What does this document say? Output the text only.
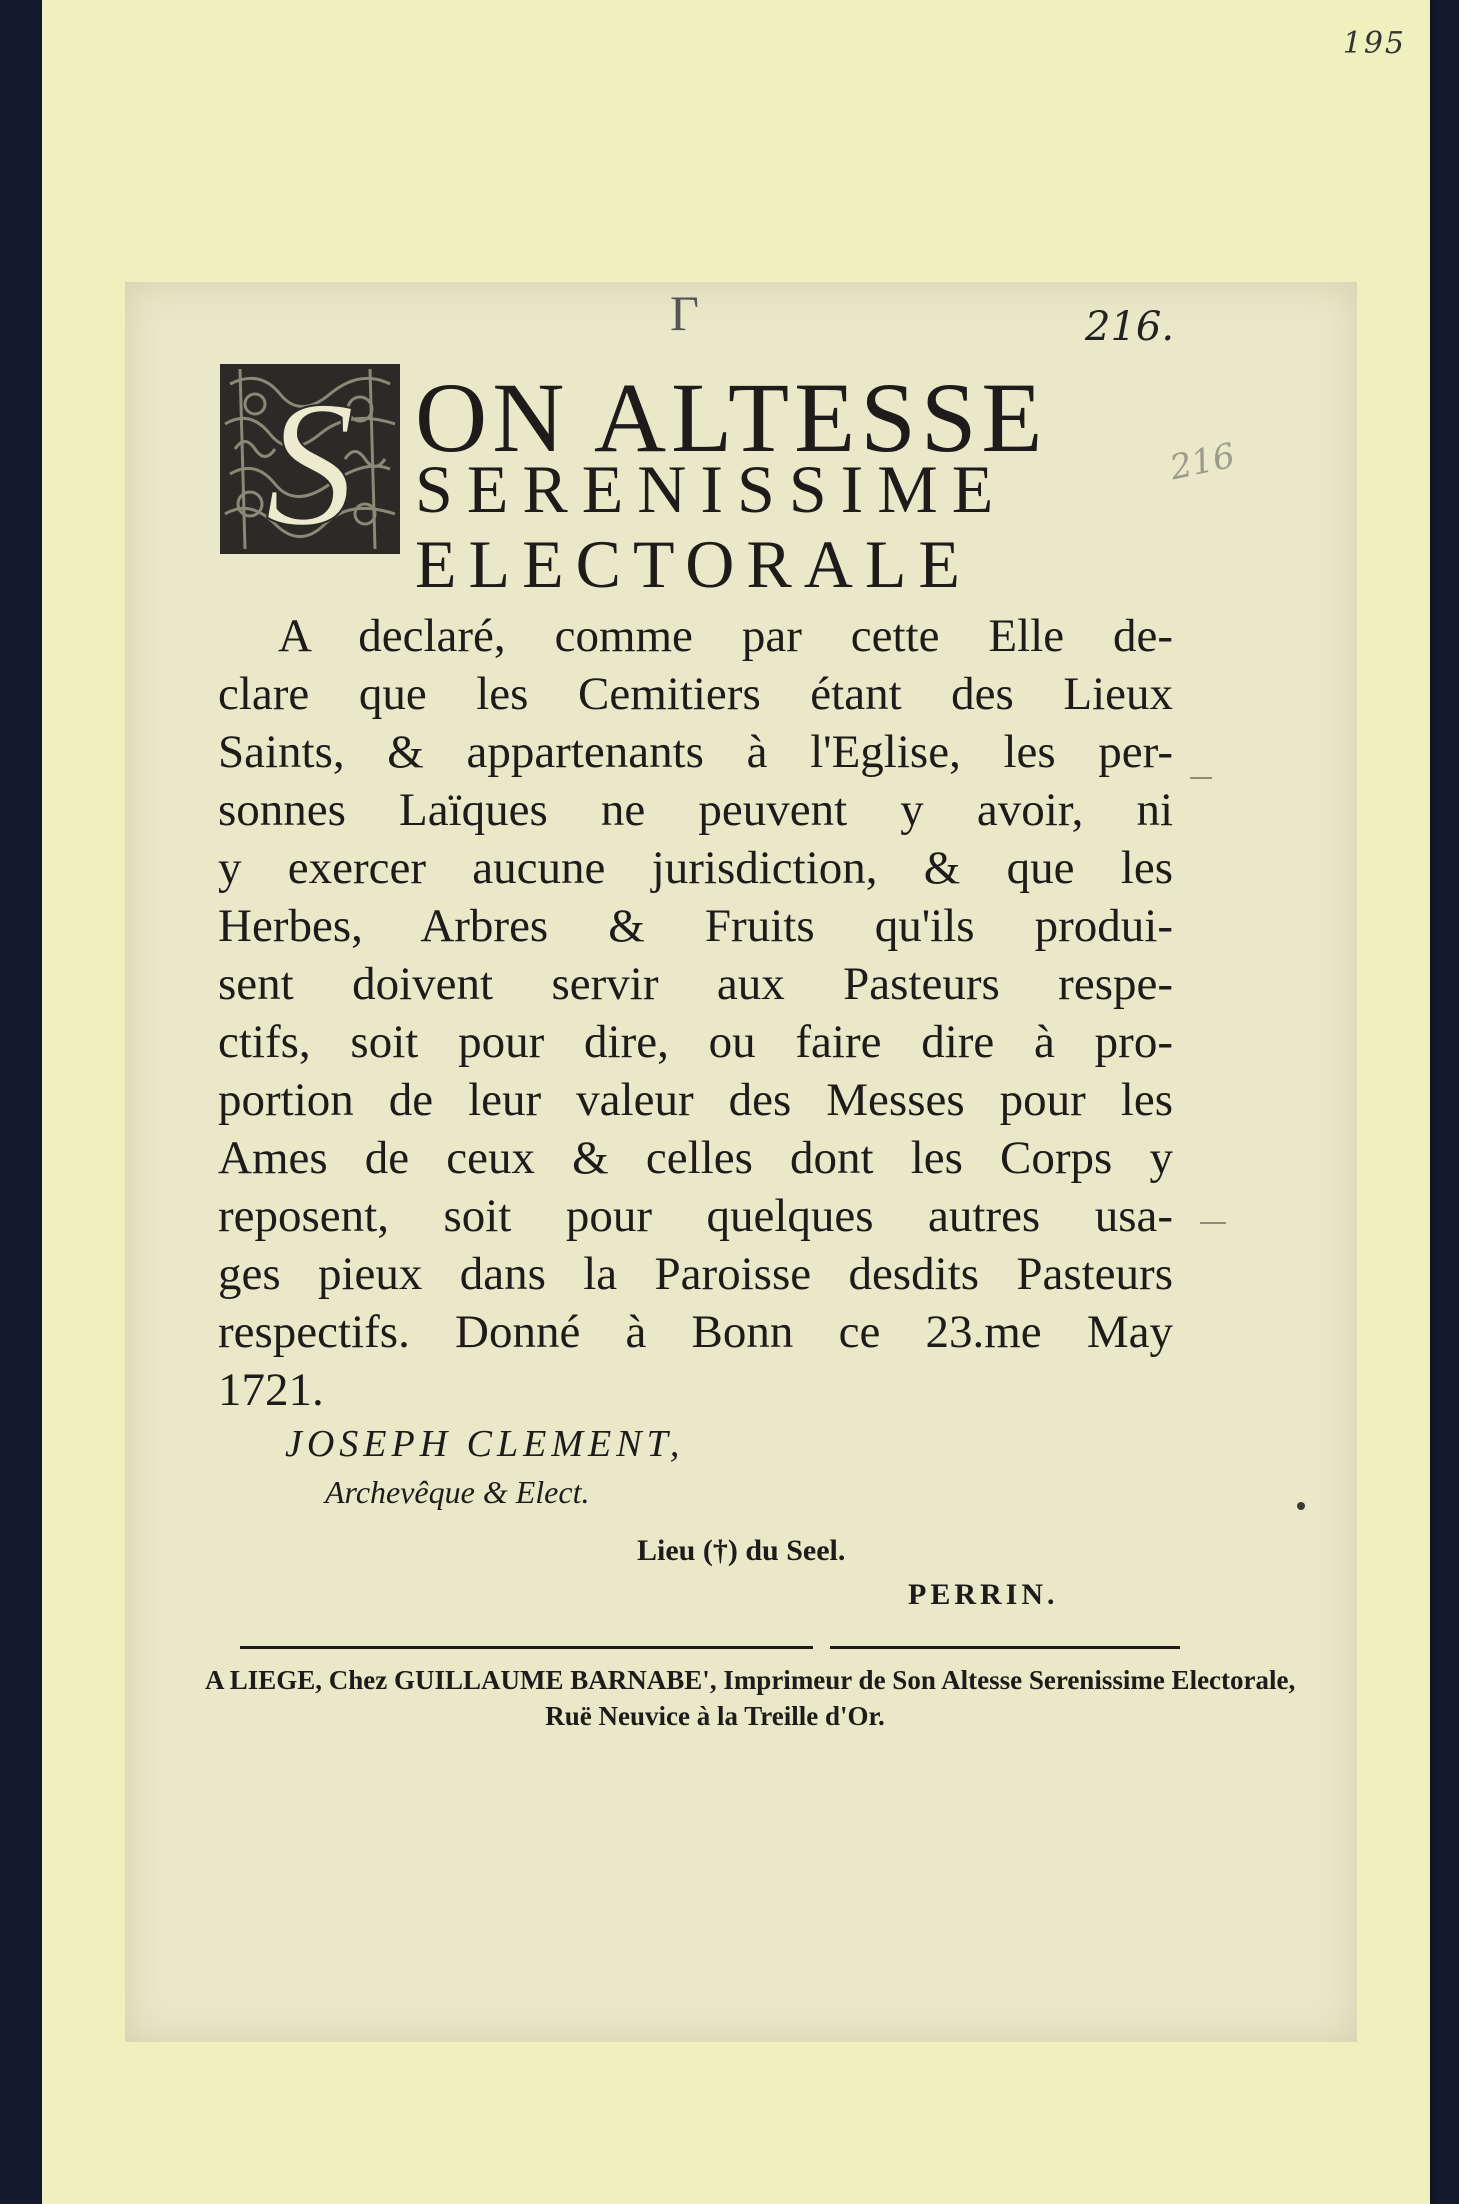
195
Γ	216.
216
S ON ALTESSE
SERENISSIME
ELECTORALE
A declaré, comme par cette Elle de-
clare que les Cemitiers étant des Lieux
Saints, & appartenants à l'Eglise, les per-
sonnes Laïques ne peuvent y avoir, ni
y exercer aucune jurisdiction, & que les
Herbes, Arbres & Fruits qu'ils produi-
sent doivent servir aux Pasteurs respe-
ctifs, soit pour dire, ou faire dire à pro-
portion de leur valeur des Messes pour les
Ames de ceux & celles dont les Corps y
reposent, soit pour quelques autres usa-
ges pieux dans la Paroisse desdits Pasteurs
respectifs. Donné à Bonn ce 23.me May
1721.
JOSEPH CLEMENT,
Archevêque & Elect.
Lieu (†) du Seel.
PERRIN.
A LIEGE, Chez GUILLAUME BARNABE', Imprimeur de Son Altesse Serenissime Electorale,
Ruë Neuvice à la Treille d'Or.
